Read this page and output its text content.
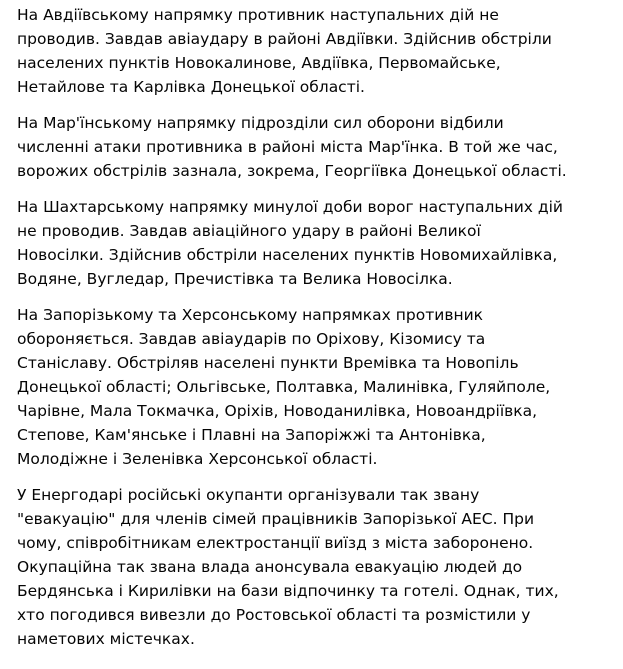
На Авдіївському напрямку противник наступальних дій не
проводив. Завдав авіаудару в районі Авдіївки. Здійснив обстріли
населених пунктів Новокалинове, Авдіївка, Первомайське,
Нетайлове та Карлівка Донецької області.

На Мар'їнському напрямку підрозділи сил оборони відбили
численні атаки противника в районі міста Мар'їнка. В той же час,
ворожих обстрілів зазнала, зокрема, Георгіївка Донецької області.

На Шахтарському напрямку минулої доби ворог наступальних дій
не проводив. Завдав авіаційного удару в районі Великої
Новосілки. Здійснив обстріли населених пунктів Новомихайлівка,
Водяне, Вугледар, Пречистівка та Велика Новосілка.

На Запорізькому та Херсонському напрямках противник
обороняється. Завдав авіаударів по Оріхову, Кізомису та
Станіславу. Обстріляв населені пункти Времівка та Новопіль
Донецької області; Ольгівське, Полтавка, Малинівка, Гуляйполе,
Чарівне, Мала Токмачка, Оріхів, Новоданилівка, Новоандріївка,
Степове, Кам'янське і Плавні на Запоріжжі та Антонівка,
Молодіжне і Зеленівка Херсонської області.

У Енергодарі російські окупанти організували так звану
"евакуацію" для членів сімей працівників Запорізької АЕС. При
чому, співробітникам електростанції виїзд з міста заборонено.
Окупаційна так звана влада анонсувала евакуацію людей до
Бердянська і Кирилівки на бази відпочинку та готелі. Однак, тих,
хто погодився вивезли до Ростовської області та розмістили у
наметових містечках.
